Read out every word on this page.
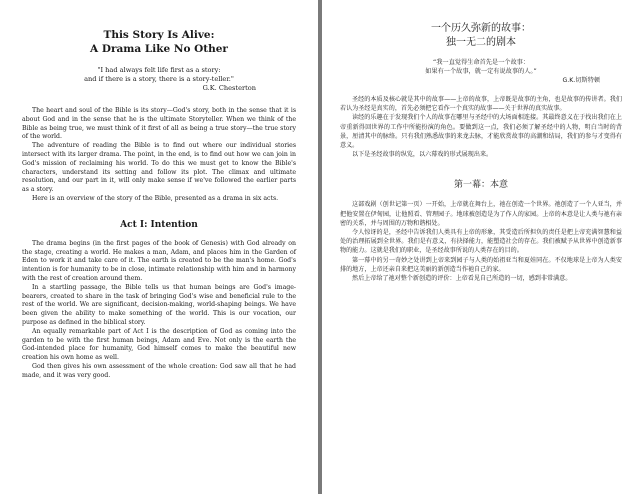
This Story Is Alive:

A Drama Like No Other

"I had always felt life first as a story:
and if there is a story, there is a story-teller."
G.K. Chesterton

The heart and soul of the Bible is its story—God's story, both in the sense that it is about God and in the sense that he is the ultimate Storyteller. When we think of the Bible as being true, we must think of it first of all as being a true story—the true story of the world.

The adventure of reading the Bible is to find out where our individual stories intersect with its larger drama. The point, in the end, is to find out how we can join in God's mission of reclaiming his world. To do this we must get to know the Bible's characters, understand its setting and follow its plot. The climax and ultimate resolution, and our part in it, will only make sense if we've followed the earlier parts as a story.

Here is an overview of the story of the Bible, presented as a drama in six acts.

Act I: Intention

The drama begins (in the first pages of the book of Genesis) with God already on the stage, creating a world. He makes a man, Adam, and places him in the Garden of Eden to work it and take care of it. The earth is created to be the man's home. God's intention is for humanity to be in close, intimate relationship with him and in harmony with the rest of creation around them.

In a startling passage, the Bible tells us that human beings are God's image-bearers, created to share in the task of bringing God's wise and beneficial rule to the rest of the world. We are significant, decision-making, world-shaping beings. We have been given the ability to make something of the world. This is our vocation, our purpose as defined in the biblical story.

An equally remarkable part of Act I is the description of God as coming into the garden to be with the first human beings, Adam and Eve. Not only is the earth the God-intended place for humanity, God himself comes to make the beautiful new creation his own home as well.

God then gives his own assessment of the whole creation: God saw all that he had made, and it was very good.

一个历久弥新的故事：

独一无二的剧本

“我一直觉得生命首先是一个故事：
如果有一个故事，就一定有说故事的人。”
G.K.切斯特顿

圣经的本质及核心就是其中的故事——上帝的故事，上帝既是故事的主角，也是故事的传讲者。我们若认为圣经是真实的，首先必须把它看作一个真实的故事——关于世界的真实故事。

读经的乐趣在于发现我们个人的故事在哪里与圣经中的大场面相连接。其最终意义在于找出我们在上帝重新得回世界的工作中所能扮演的角色。要做到这一点，我们必须了解圣经中的人物，明白当时的背景，厘清其中的脉络。只有我们熟悉故事的来龙去脉，才能欣赏故事的高潮和结局，我们的参与才变得有意义。

以下是圣经故事的纵览，以六幕戏的形式展现出来。

第一幕：本意

这部戏剧（创世记第一页）一开始，上帝就在舞台上，祂在创造一个世界。祂创造了一个人亚当，并把他安置在伊甸园，让他照看、管理园子。地球被创造是为了作人的家园。上帝的本意是让人类与祂有亲密的关系，并与周围的万物和谐相处。

令人惊讶的是，圣经中告诉我们人类具有上帝的形象，其受造后所担负的责任是把上帝充满智慧和益处的治理拓展到全世界。我们是有意义，有抉择能力，能塑造社会的存在。我们被赋予从世界中创造新事物的能力。这就是我们的职业，是圣经故事所说的人类存在的目的。

第一幕中的另一奇妙之处讲到上帝来到园子与人类的始祖亚当和夏娃同在。不仅地球是上帝为人类安排的地方，上帝还亲自来把这美丽的新创造当作祂自己的家。

然后上帝给了祂对整个新创造的评价：上帝看见自己所造的一切，感到非常满意。
